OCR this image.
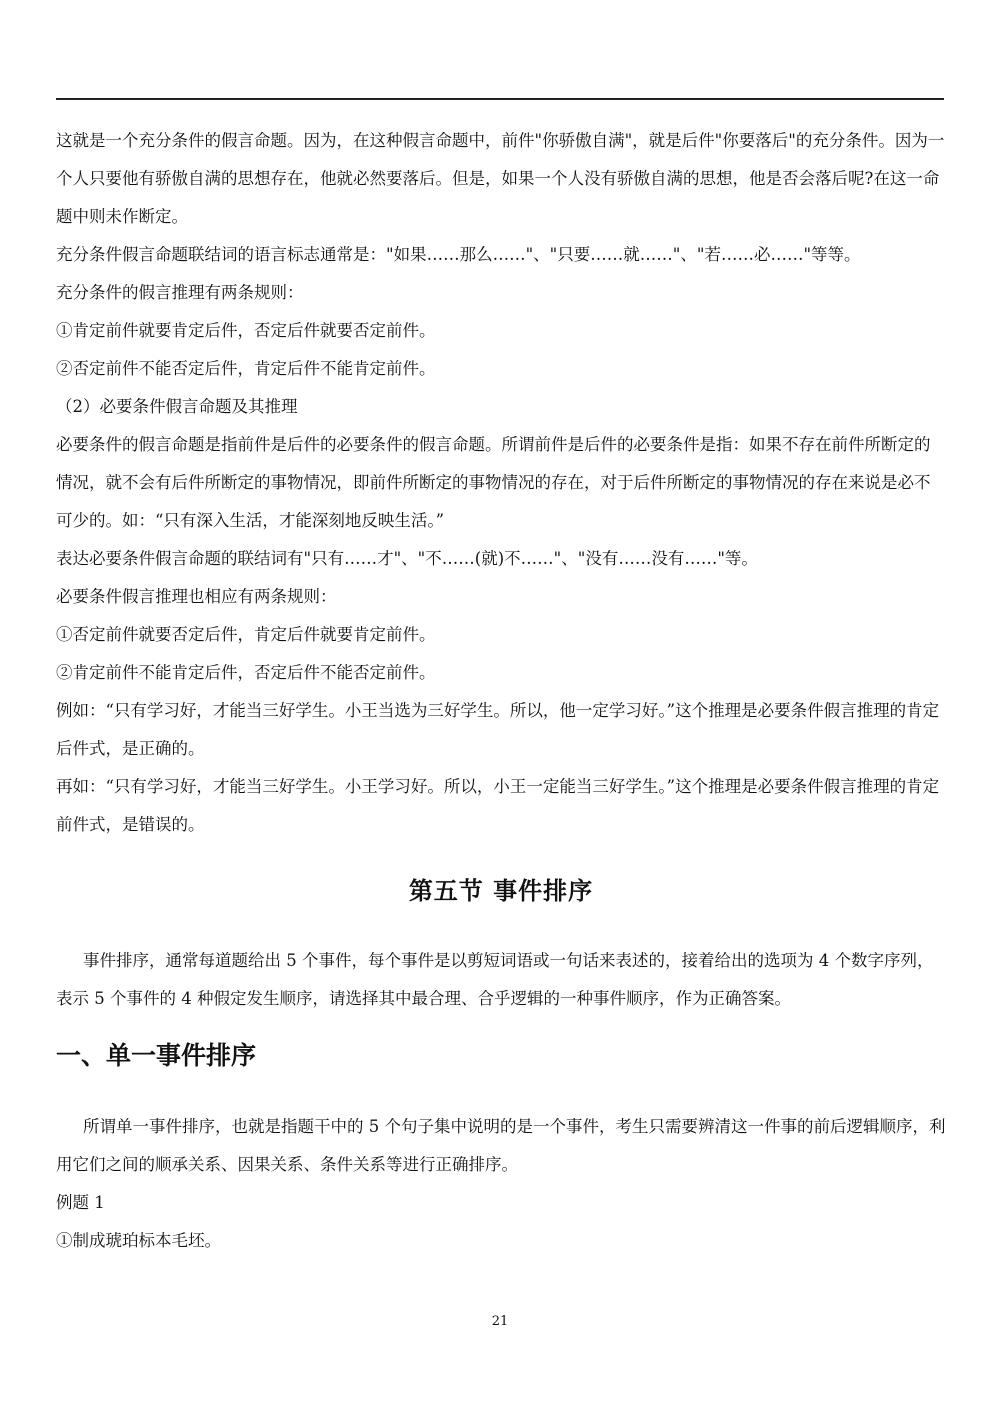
这就是一个充分条件的假言命题。因为，在这种假言命题中，前件"你骄傲自满"，就是后件"你要落后"的充分条件。因为一个人只要他有骄傲自满的思想存在，他就必然要落后。但是，如果一个人没有骄傲自满的思想，他是否会落后呢?在这一命题中则未作断定。

充分条件假言命题联结词的语言标志通常是："如果……那么……"、"只要……就……"、"若……必……"等等。

充分条件的假言推理有两条规则：

①肯定前件就要肯定后件，否定后件就要否定前件。

②否定前件不能否定后件，肯定后件不能肯定前件。

（2）必要条件假言命题及其推理

必要条件的假言命题是指前件是后件的必要条件的假言命题。所谓前件是后件的必要条件是指：如果不存在前件所断定的情况，就不会有后件所断定的事物情况，即前件所断定的事物情况的存在，对于后件所断定的事物情况的存在来说是必不可少的。如：“只有深入生活，才能深刻地反映生活。”

表达必要条件假言命题的联结词有"只有……才"、"不……(就)不……"、"没有……没有……"等。

必要条件假言推理也相应有两条规则：

①否定前件就要否定后件，肯定后件就要肯定前件。

②肯定前件不能肯定后件，否定后件不能否定前件。

例如：“只有学习好，才能当三好学生。小王当选为三好学生。所以，他一定学习好。”这个推理是必要条件假言推理的肯定后件式，是正确的。

再如：“只有学习好，才能当三好学生。小王学习好。所以，小王一定能当三好学生。”这个推理是必要条件假言推理的肯定前件式，是错误的。

第五节 事件排序

事件排序，通常每道题给出 5 个事件，每个事件是以剪短词语或一句话来表述的，接着给出的选项为 4 个数字序列，表示 5 个事件的 4 种假定发生顺序，请选择其中最合理、合乎逻辑的一种事件顺序，作为正确答案。

一、单一事件排序

所谓单一事件排序，也就是指题干中的 5 个句子集中说明的是一个事件，考生只需要辨清这一件事的前后逻辑顺序，利用它们之间的顺承关系、因果关系、条件关系等进行正确排序。

例题 1

①制成琥珀标本毛坯。

21
